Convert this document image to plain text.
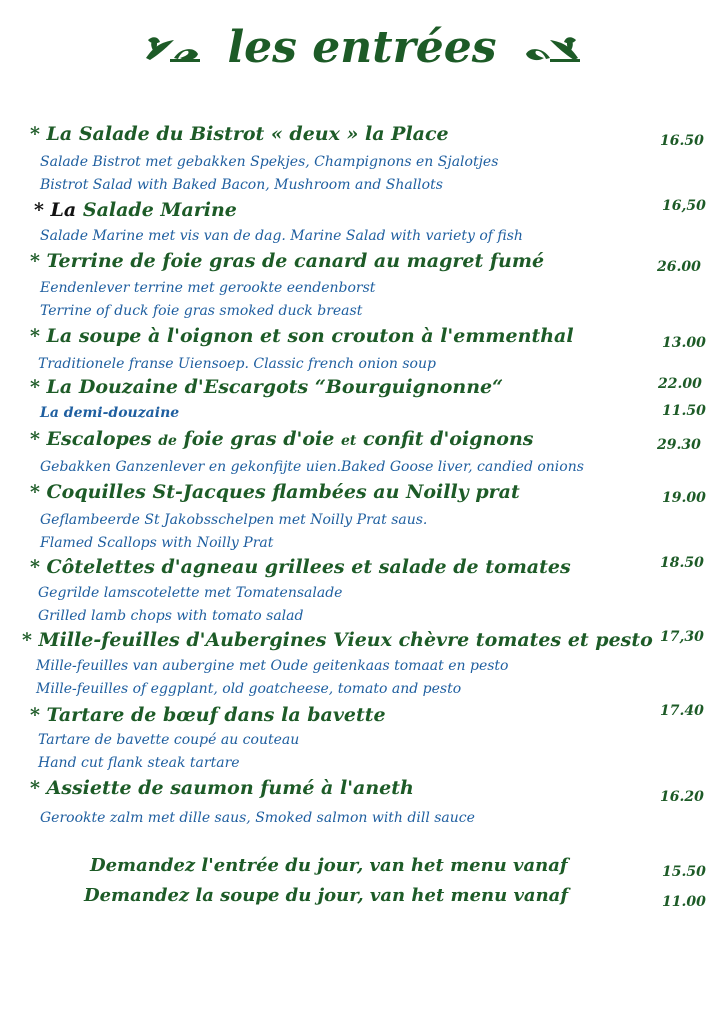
les entrées
* La Salade du Bistrot « deux » la Place	16.50
Salade Bistrot met gebakken Spekjes, Champignons en Sjalotjes
Bistrot Salad with Baked Bacon, Mushroom and Shallots
* La Salade Marine	16,50
Salade Marine met vis van de dag. Marine Salad with variety of fish
* Terrine de foie gras de canard au magret fumé	26.00
Eendenlever terrine met gerookte eendenborst
Terrine of duck foie gras smoked duck breast
* La soupe à l'oignon et son crouton à l'emmenthal	13.00
Traditionele franse Uiensoep. Classic french onion soup
* La Douzaine d'Escargots “Bourguignonne“	22.00
La demi-douzaine	11.50
* Escalopes de foie gras d'oie et confit d'oignons	29.30
Gebakken Ganzenlever en gekonfijte uien.Baked Goose liver, candied onions
* Coquilles St-Jacques flambées au Noilly prat	19.00
Geflambeerde St Jakobsschelpen met Noilly Prat saus.
Flamed Scallops with Noilly Prat
* Côtelettes d'agneau grillees et salade de tomates	18.50
Gegrilde lamscotelette met Tomatensalade
Grilled lamb chops with tomato salad
* Mille-feuilles d'Aubergines Vieux chèvre tomates et pesto 17,30
Mille-feuilles van aubergine met Oude geitenkaas tomaat en pesto
Mille-feuilles of eggplant, old goatcheese, tomato and pesto
* Tartare de bœuf dans la bavette	17.40
Tartare de bavette coupé au couteau
Hand cut flank steak tartare
* Assiette de saumon fumé à l'aneth	16.20
Gerookte zalm met dille saus, Smoked salmon with dill sauce
Demandez l'entrée du jour, van het menu vanaf	15.50
Demandez la soupe du jour, van het menu vanaf	11.00
